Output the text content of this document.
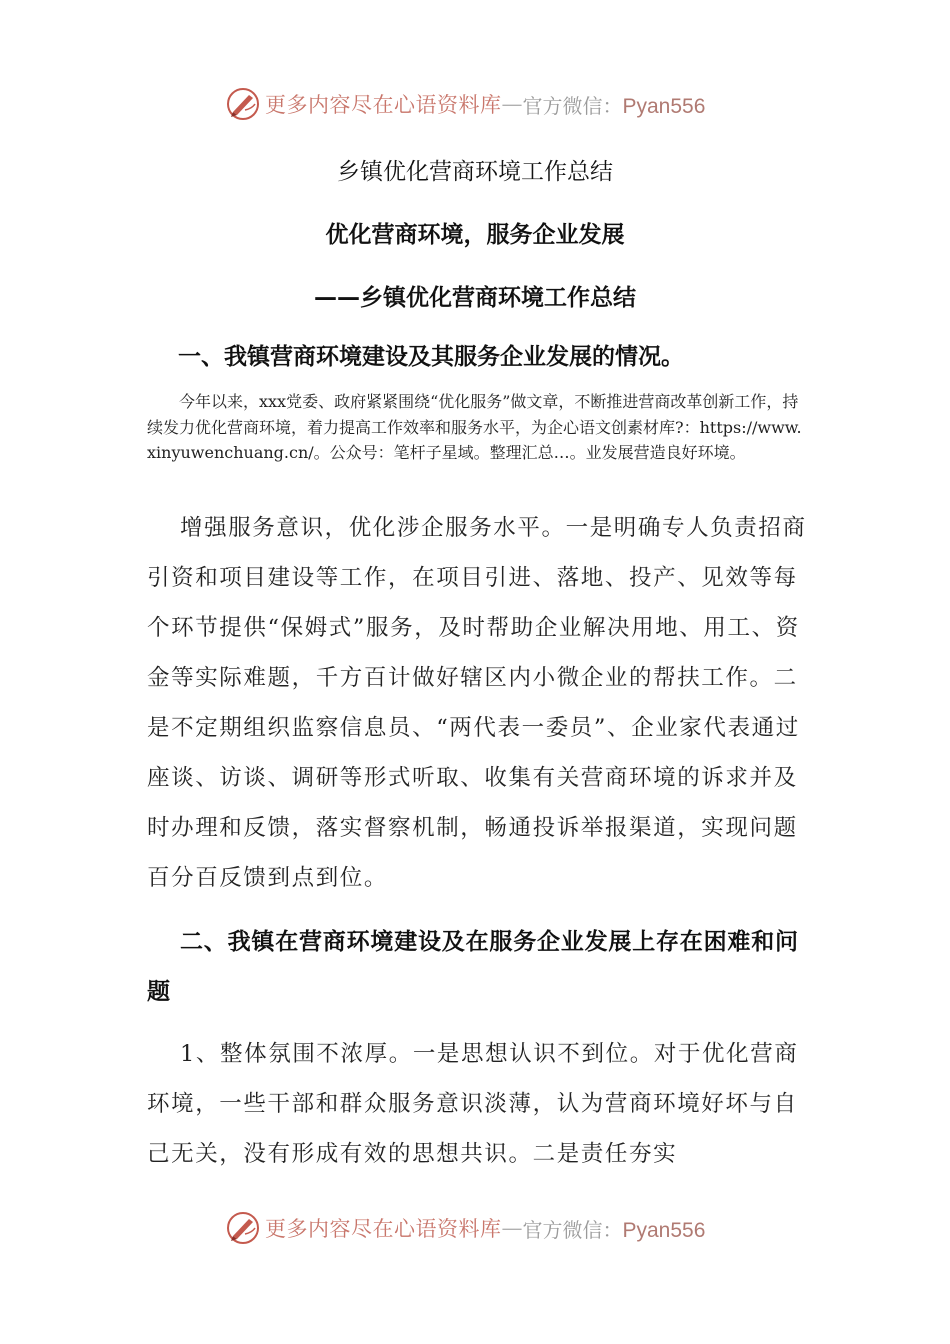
更多内容尽在心语资料库 — 官方微信：Pyan556
乡镇优化营商环境工作总结
优化营商环境，服务企业发展
——乡镇优化营商环境工作总结
一、我镇营商环境建设及其服务企业发展的情况。

今年以来，xxx党委、政府紧紧围绕“优化服务”做文章，不断推进营商改革创新工作，持续发力优化营商环境，着力提高工作效率和服务水平，为企心语文创素材库?：https://www.xinyuwenchuang.cn/。公众号：笔杆子星域。整理汇总…。业发展营造良好环境。

增强服务意识，优化涉企服务水平。一是明确专人负责招商引资和项目建设等工作，在项目引进、落地、投产、见效等每个环节提供“保姆式”服务，及时帮助企业解决用地、用工、资金等实际难题，千方百计做好辖区内小微企业的帮扶工作。二是不定期组织监察信息员、“两代表一委员”、企业家代表通过座谈、访谈、调研等形式听取、收集有关营商环境的诉求并及时办理和反馈，落实督察机制，畅通投诉举报渠道，实现问题百分百反馈到点到位。

二、我镇在营商环境建设及在服务企业发展上存在困难和问题

1、整体氛围不浓厚。一是思想认识不到位。对于优化营商环境，一些干部和群众服务意识淡薄，认为营商环境好坏与自己无关，没有形成有效的思想共识。二是责任夯实

更多内容尽在心语资料库 — 官方微信：Pyan556
